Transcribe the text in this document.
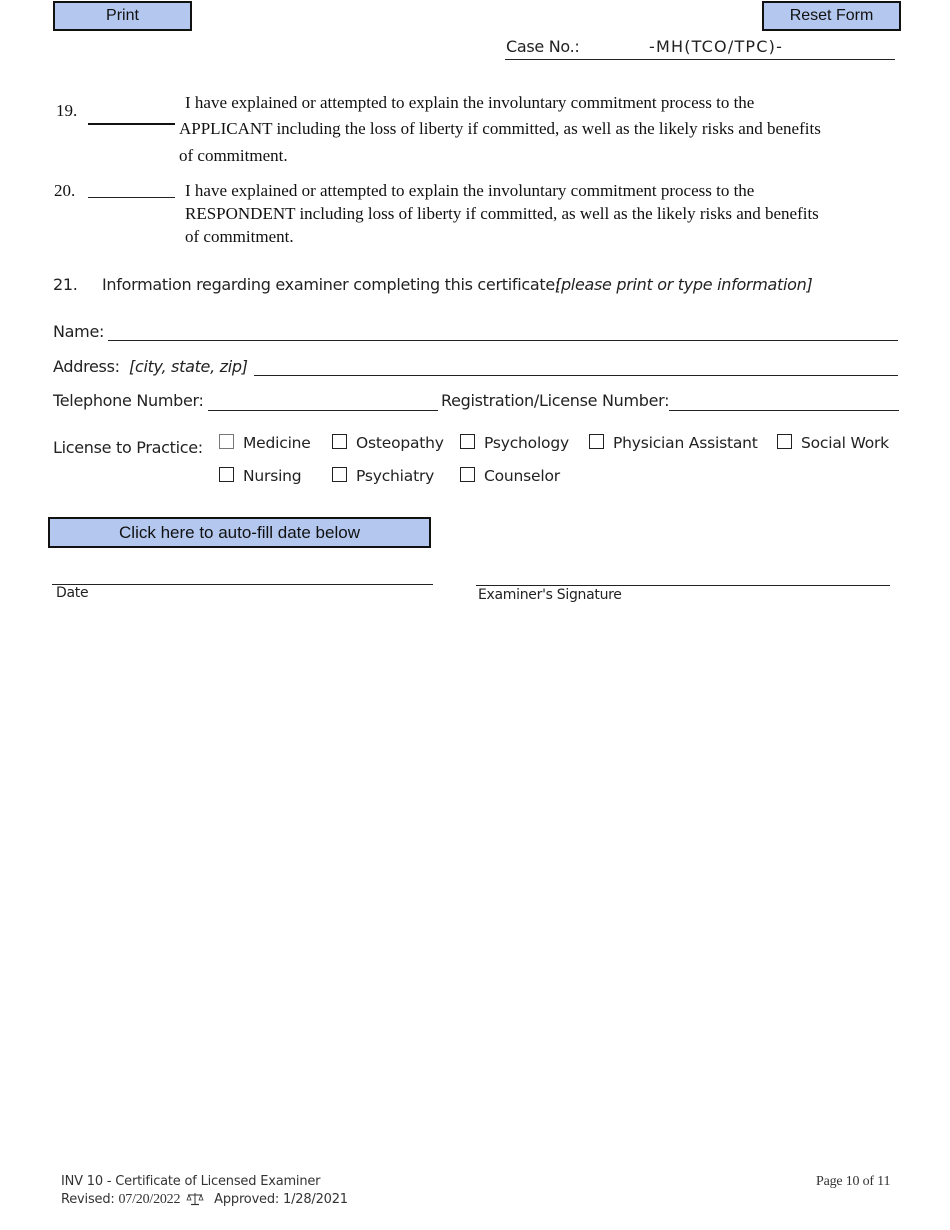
Print	Reset Form
Case No.:	-MH(TCO/TPC)-
19.	I have explained or attempted to explain the involuntary commitment process to the
APPLICANT including the loss of liberty if committed, as well as the likely risks and benefits
of commitment.
20.	I have explained or attempted to explain the involuntary commitment process to the
RESPONDENT including loss of liberty if committed, as well as the likely risks and benefits
of commitment.
21. Information regarding examiner completing this certificate:
[please print or type information]
Name:
Address: [city, state, zip]
Telephone Number:	Registration/License Number:
License to Practice:	Medicine	Osteopathy	Psychology	Physician Assistant	Social Work
Nursing	Psychiatry	Counselor
Click here to auto-fill date below
Date	Examiner's Signature
INV 10 - Certificate of Licensed Examiner
Revised: 07/20/2022	Approved: 1/28/2021
Page 10 of 11
